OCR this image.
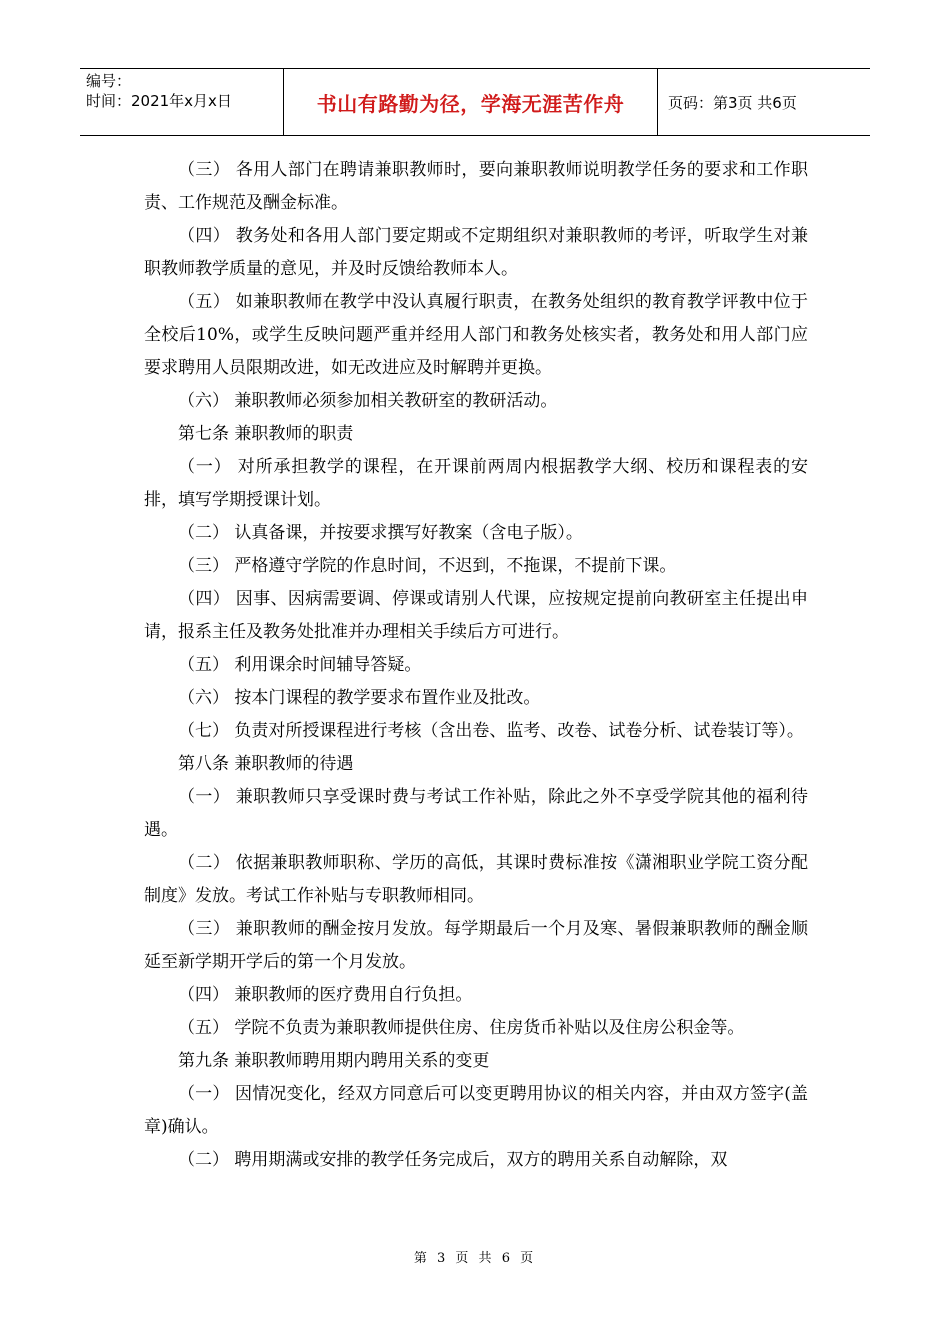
编号：
时间：2021年x月x日	书山有路勤为径，学海无涯苦作舟	页码：第3页 共6页

（三） 各用人部门在聘请兼职教师时，要向兼职教师说明教学任务的要求和工作职责、工作规范及酬金标准。

（四） 教务处和各用人部门要定期或不定期组织对兼职教师的考评，听取学生对兼职教师教学质量的意见，并及时反馈给教师本人。

（五） 如兼职教师在教学中没认真履行职责，在教务处组织的教育教学评教中位于全校后10%，或学生反映问题严重并经用人部门和教务处核实者，教务处和用人部门应要求聘用人员限期改进，如无改进应及时解聘并更换。

（六） 兼职教师必须参加相关教研室的教研活动。

第七条 兼职教师的职责

（一） 对所承担教学的课程，在开课前两周内根据教学大纲、校历和课程表的安排，填写学期授课计划。

（二） 认真备课，并按要求撰写好教案（含电子版）。

（三） 严格遵守学院的作息时间，不迟到，不拖课，不提前下课。

（四） 因事、因病需要调、停课或请别人代课，应按规定提前向教研室主任提出申请，报系主任及教务处批准并办理相关手续后方可进行。

（五） 利用课余时间辅导答疑。

（六） 按本门课程的教学要求布置作业及批改。

（七） 负责对所授课程进行考核（含出卷、监考、改卷、试卷分析、试卷装订等）。

第八条 兼职教师的待遇

（一） 兼职教师只享受课时费与考试工作补贴，除此之外不享受学院其他的福利待遇。

（二） 依据兼职教师职称、学历的高低，其课时费标准按《潇湘职业学院工资分配制度》发放。考试工作补贴与专职教师相同。

（三） 兼职教师的酬金按月发放。每学期最后一个月及寒、暑假兼职教师的酬金顺延至新学期开学后的第一个月发放。

（四） 兼职教师的医疗费用自行负担。

（五） 学院不负责为兼职教师提供住房、住房货币补贴以及住房公积金等。

第九条 兼职教师聘用期内聘用关系的变更

（一） 因情况变化，经双方同意后可以变更聘用协议的相关内容，并由双方签字(盖章)确认。

（二） 聘用期满或安排的教学任务完成后，双方的聘用关系自动解除，双

第 3 页 共 6 页
